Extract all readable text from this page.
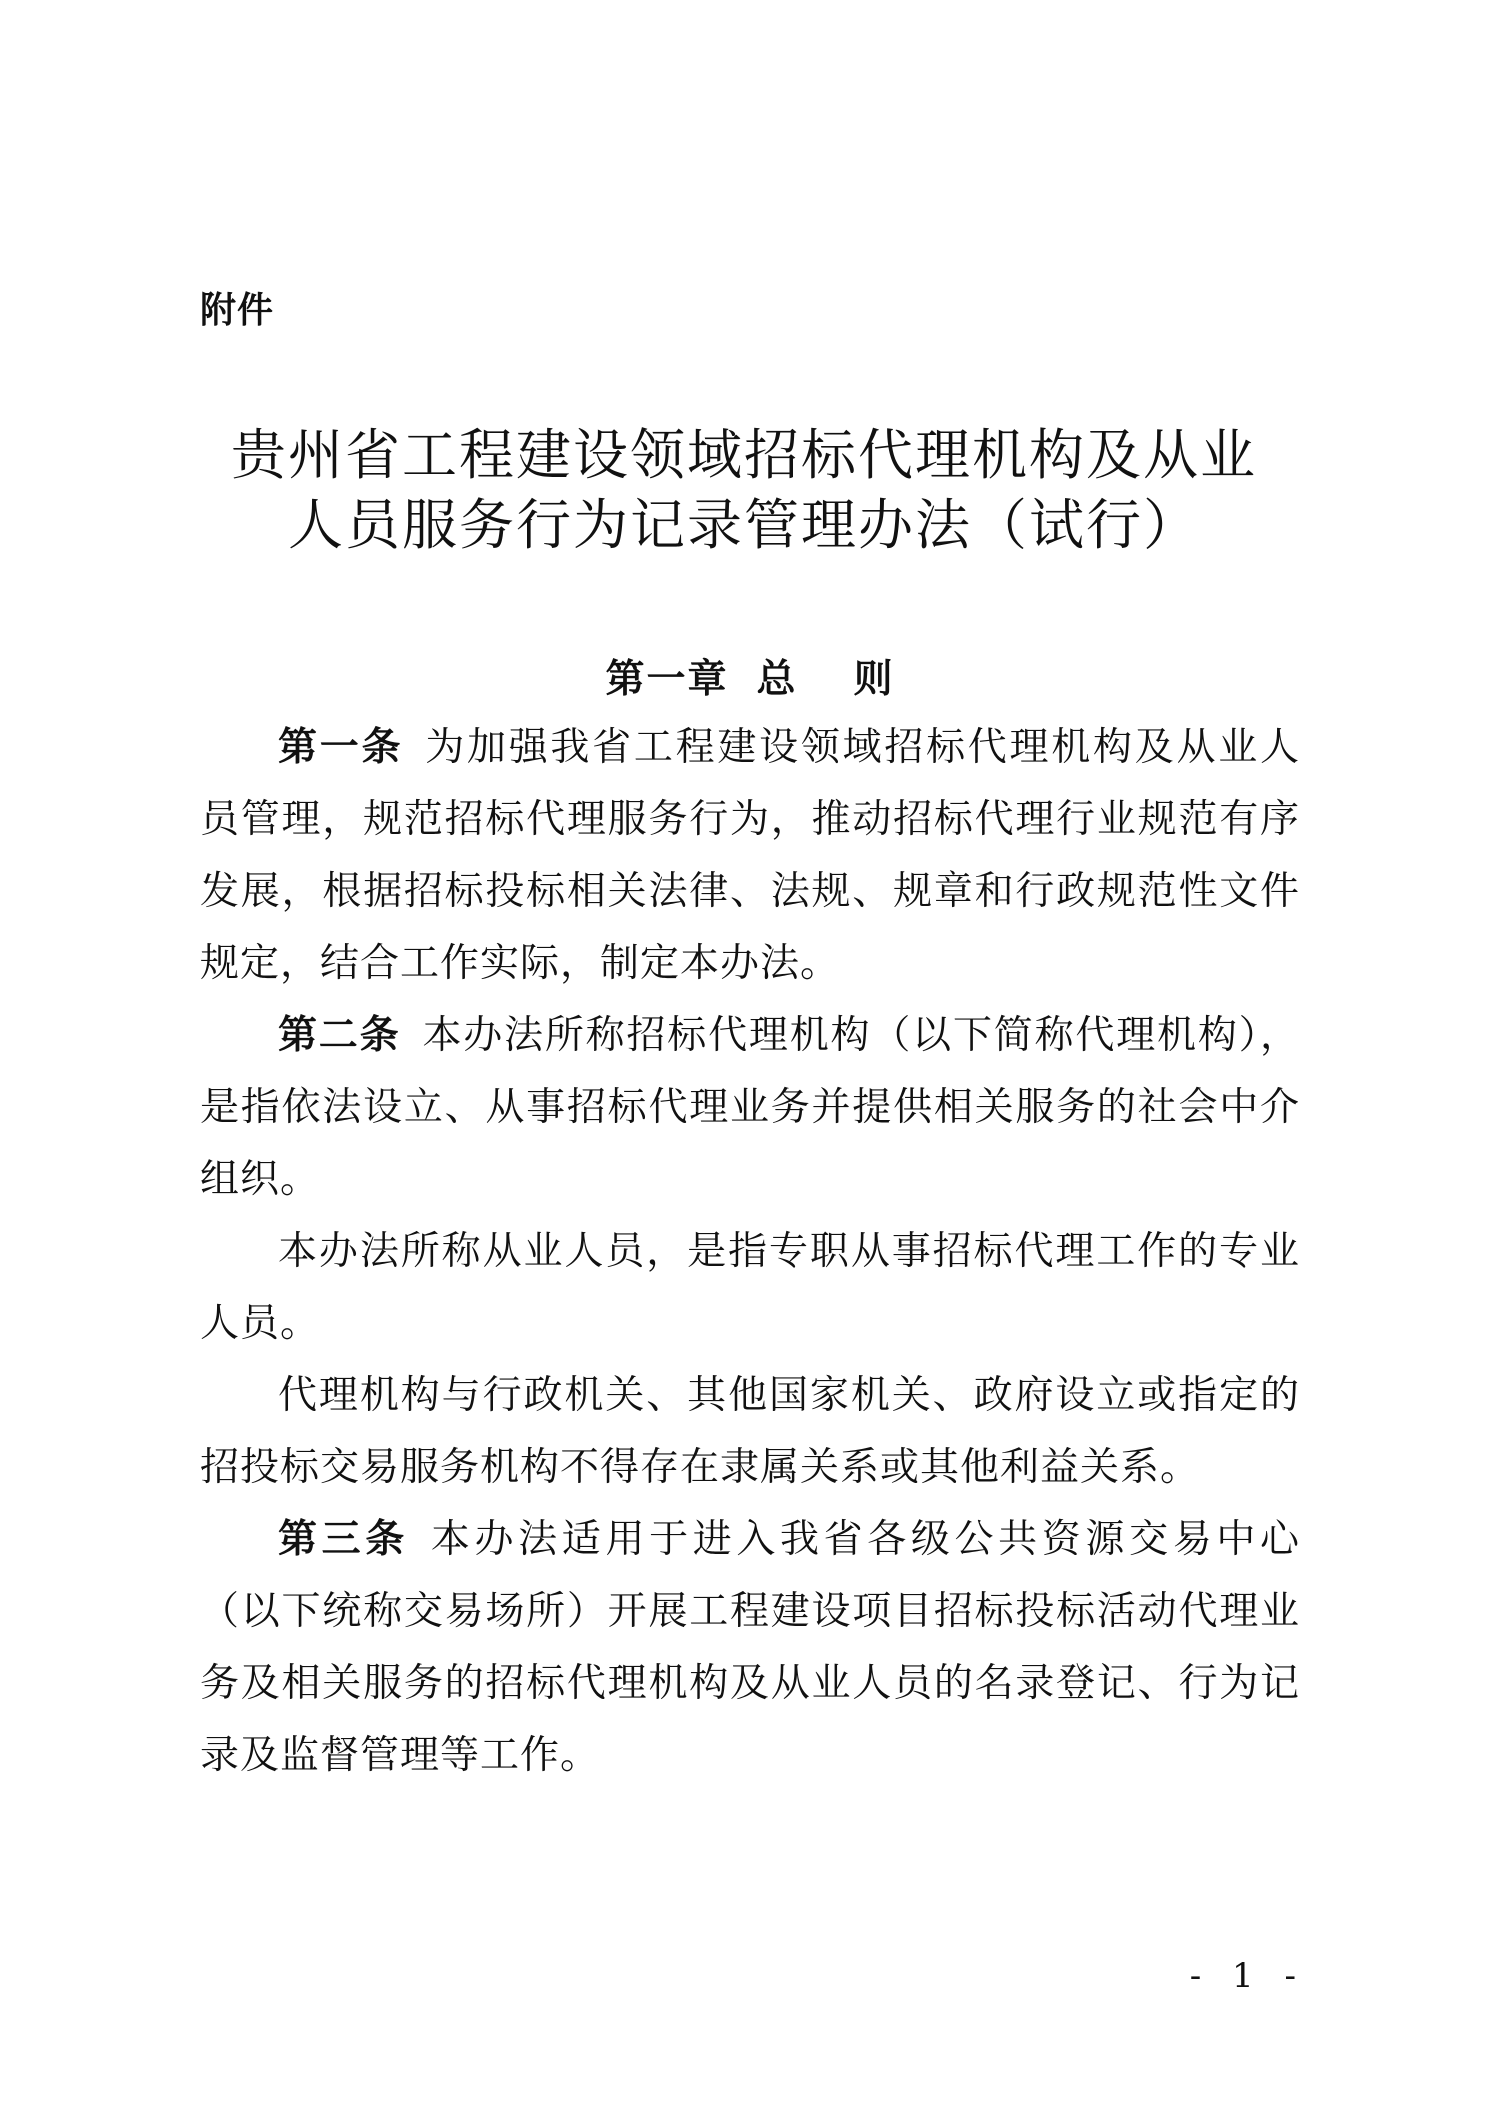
附件
贵州省工程建设领域招标代理机构及从业
人员服务行为记录管理办法（试行）
第一章 总 则

第一条 为加强我省工程建设领域招标代理机构及从业人员管理，规范招标代理服务行为，推动招标代理行业规范有序发展，根据招标投标相关法律、法规、规章和行政规范性文件规定，结合工作实际，制定本办法。

第二条 本办法所称招标代理机构（以下简称代理机构），是指依法设立、从事招标代理业务并提供相关服务的社会中介组织。

本办法所称从业人员，是指专职从事招标代理工作的专业人员。

代理机构与行政机关、其他国家机关、政府设立或指定的招投标交易服务机构不得存在隶属关系或其他利益关系。

第三条 本办法适用于进入我省各级公共资源交易中心（以下统称交易场所）开展工程建设项目招标投标活动代理业务及相关服务的招标代理机构及从业人员的名录登记、行为记录及监督管理等工作。

- 1 -
